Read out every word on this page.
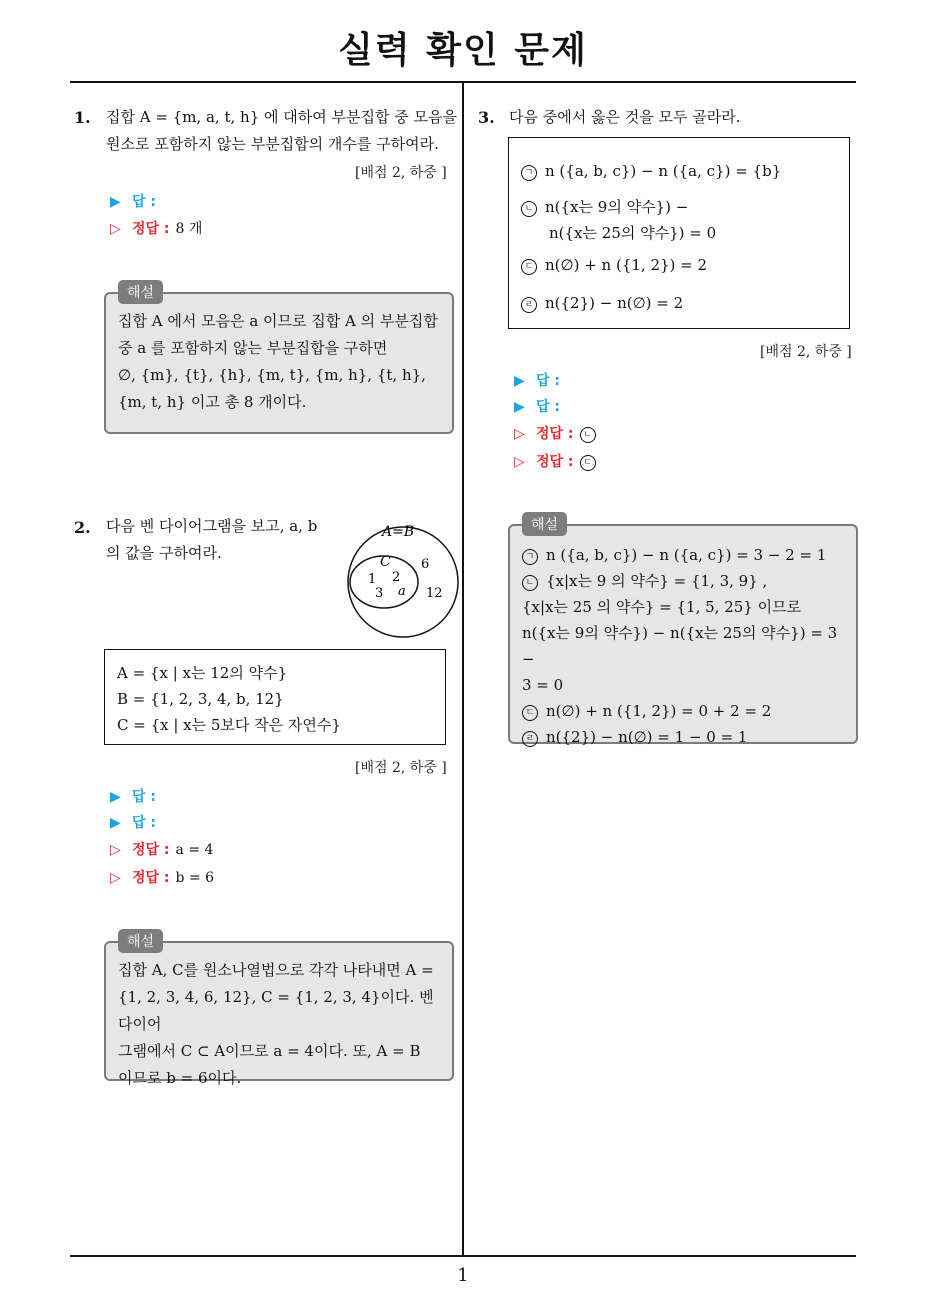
실력 확인 문제
1
1. 집합 A = {m, a, t, h} 에 대하여 부분집합 중 모음을
원소로 포함하지 않는 부분집합의 개수를 구하여라.
[배점 2, 하중 ]
▶ 답 :
▷ 정답 : 8 개
집합 A 에서 모음은 a 이므로 집합 A 의 부분집합
중 a 를 포함하지 않는 부분집합을 구하면
∅, {m}, {t}, {h}, {m, t}, {m, h}, {t, h},
{m, t, h} 이고 총 8 개이다.
해설
2. 다음 벤 다이어그램을 보고, a, b
의 값을 구하여라.
A=B
C
1 2
3 a
6
12
A = {x | x는 12의 약수}
B = {1, 2, 3, 4, b, 12}
C = {x | x는 5보다 작은 자연수}
[배점 2, 하중 ]
▶ 답 :
▶ 답 :
▷ 정답 : a = 4
▷ 정답 : b = 6
집합 A, C를 원소나열법으로 각각 나타내면 A =
{1, 2, 3, 4, 6, 12}, C = {1, 2, 3, 4}이다. 벤 다이어
그램에서 C ⊂ A이므로 a = 4이다. 또, A = B
이므로 b = 6이다.
해설
3. 다음 중에서 옳은 것을 모두 골라라.
ㄱ n ({a, b, c}) − n ({a, c}) = {b}
ㄴ n({x는 9의 약수}) −
n({x는 25의 약수}) = 0
ㄷ n(∅) + n ({1, 2}) = 2
ㄹ n({2}) − n(∅) = 2
[배점 2, 하중 ]
▶ 답 :
▶ 답 :
▷ 정답 : ㄴ
▷ 정답 : ㄷ
ㄱ n ({a, b, c}) − n ({a, c}) = 3 − 2 = 1
ㄴ {x|x는 9 의 약수} = {1, 3, 9} ,
{x|x는 25 의 약수} = {1, 5, 25} 이므로
n({x는 9의 약수}) − n({x는 25의 약수}) = 3 −
3 = 0
ㄷ n(∅) + n ({1, 2}) = 0 + 2 = 2
ㄹ n({2}) − n(∅) = 1 − 0 = 1
해설
